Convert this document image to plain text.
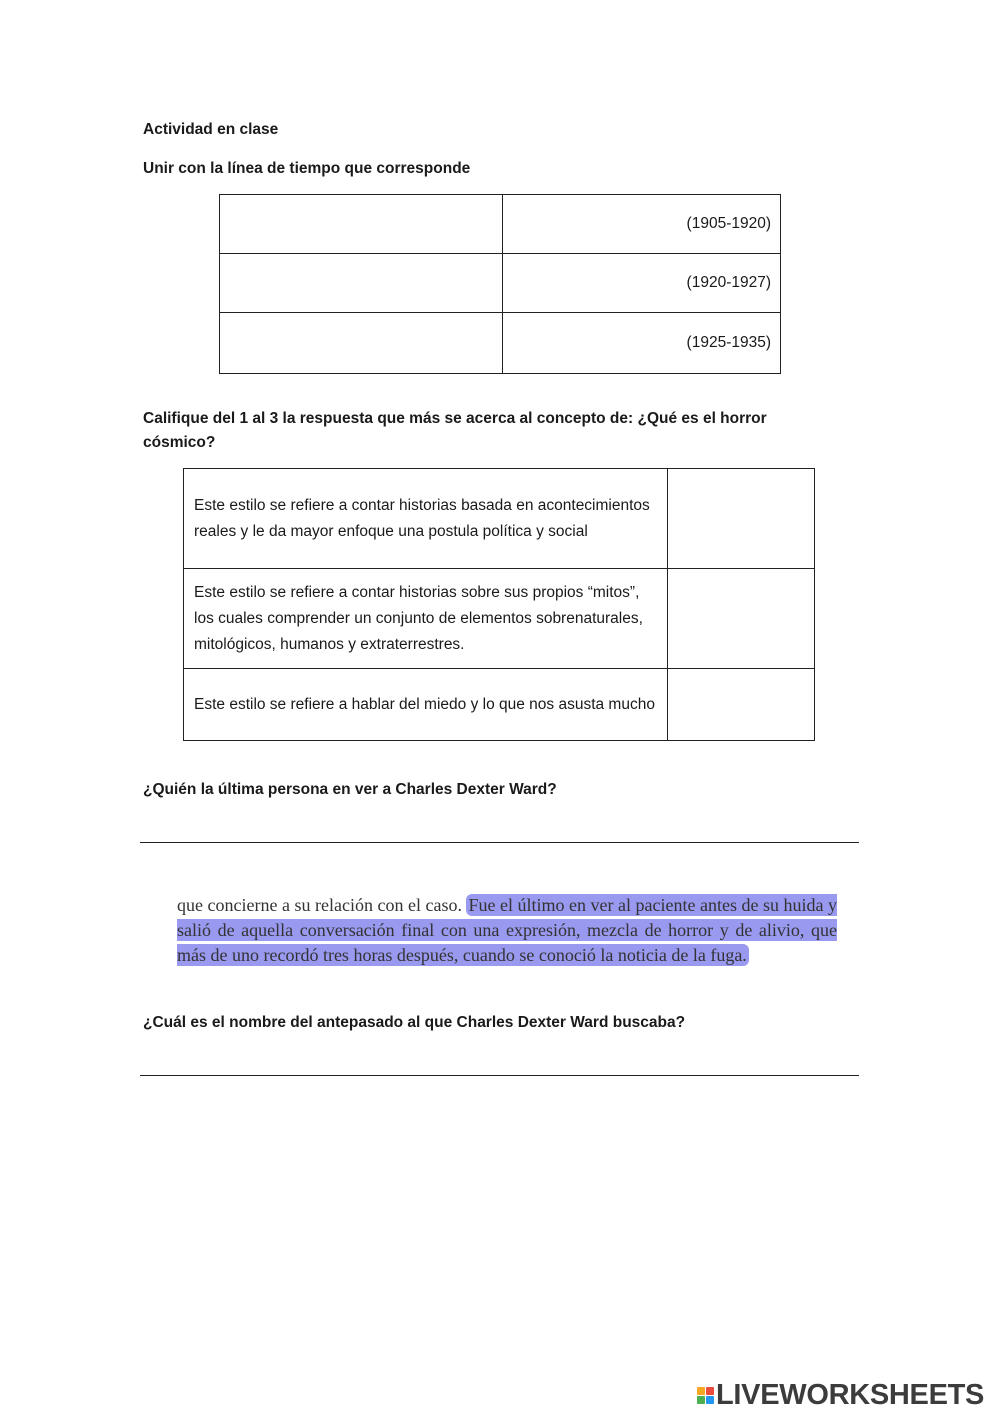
Actividad en clase
Unir con la línea de tiempo que corresponde
	(1905-1920)
	(1920-1927)
	(1925-1935)
Califique del 1 al 3 la respuesta que más se acerca al concepto de: ¿Qué es el horror cósmico?
Este estilo se refiere a contar historias basada en acontecimientos reales y le da mayor enfoque una postula política y social	
Este estilo se refiere a contar historias sobre sus propios “mitos”, los cuales comprender un conjunto de elementos sobrenaturales, mitológicos, humanos y extraterrestres.	
Este estilo se refiere a hablar del miedo y lo que nos asusta mucho	
¿Quién la última persona en ver a Charles Dexter Ward?
que concierne a su relación con el caso. Fue el último en ver al paciente antes de su huida y salió de aquella conversación final con una expresión, mezcla de horror y de alivio, que más de uno recordó tres horas después, cuando se conoció la noticia de la fuga.
¿Cuál es el nombre del antepasado al que Charles Dexter Ward buscaba?
LIVEWORKSHEETS
